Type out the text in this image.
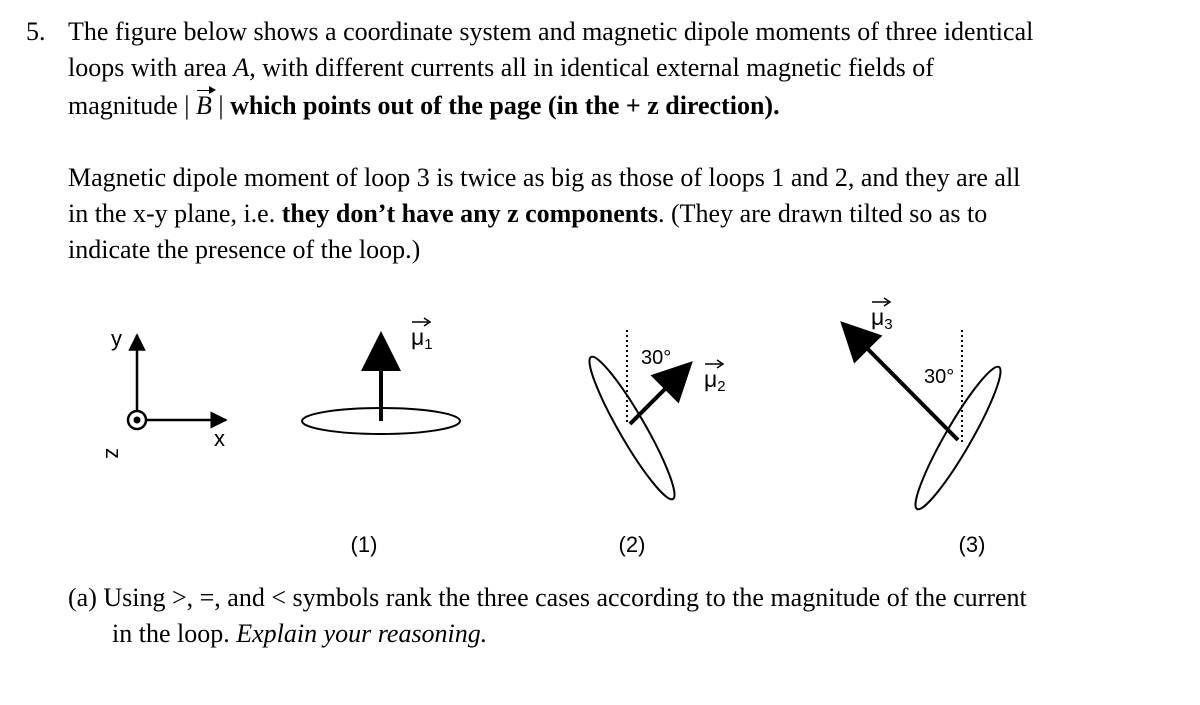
5. The figure below shows a coordinate system and magnetic dipole moments of three identical
loops with area A, with different currents all in identical external magnetic fields of
magnitude | B | which points out of the page (in the + z direction).
Magnetic dipole moment of loop 3 is twice as big as those of loops 1 and 2, and they are all
in the x-y plane, i.e. they don’t have any z components. (They are drawn tilted so as to
indicate the presence of the loop.)
y
x
z
μ1
30°
μ2	30°
μ3
(1)	(2)	(3)
(a) Using >, =, and < symbols rank the three cases according to the magnitude of the current
in the loop. Explain your reasoning.
